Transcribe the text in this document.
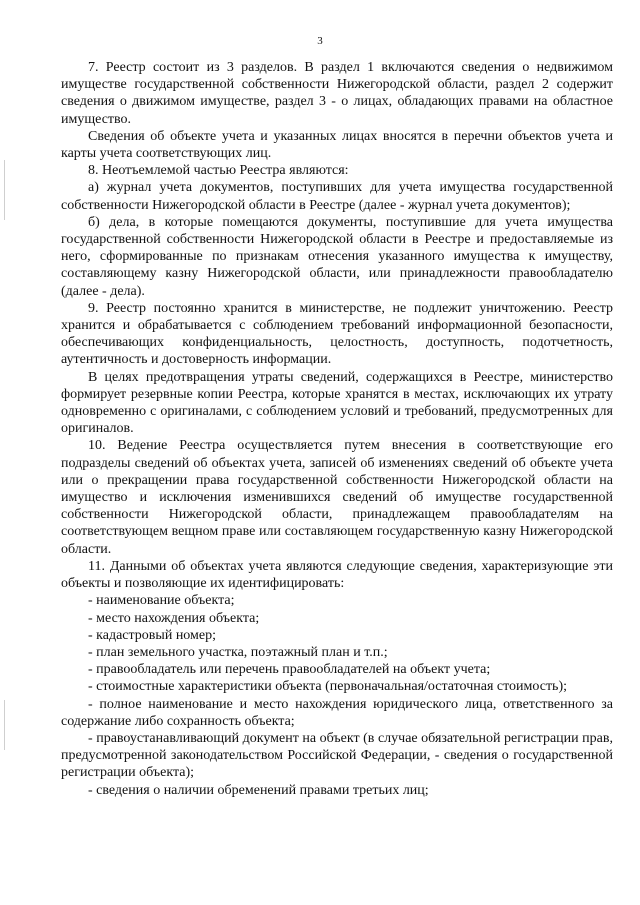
3

7. Реестр состоит из 3 разделов. В раздел 1 включаются сведения о недвижимом имуществе государственной собственности Нижегородской области, раздел 2 содержит сведения о движимом имуществе, раздел 3 - о лицах, обладающих правами на областное имущество.

Сведения об объекте учета и указанных лицах вносятся в перечни объектов учета и карты учета соответствующих лиц.

8. Неотъемлемой частью Реестра являются:

а) журнал учета документов, поступивших для учета имущества государственной собственности Нижегородской области в Реестре (далее - журнал учета документов);

б) дела, в которые помещаются документы, поступившие для учета имущества государственной собственности Нижегородской области в Реестре и предоставляемые из него, сформированные по признакам отнесения указанного имущества к имуществу, составляющему казну Нижегородской области, или принадлежности правообладателю (далее - дела).

9. Реестр постоянно хранится в министерстве, не подлежит уничтожению. Реестр хранится и обрабатывается с соблюдением требований информационной безопасности, обеспечивающих конфиденциальность, целостность, доступность, подотчетность, аутентичность и достоверность информации.

В целях предотвращения утраты сведений, содержащихся в Реестре, министерство формирует резервные копии Реестра, которые хранятся в местах, исключающих их утрату одновременно с оригиналами, с соблюдением условий и требований, предусмотренных для оригиналов.

10. Ведение Реестра осуществляется путем внесения в соответствующие его подразделы сведений об объектах учета, записей об изменениях сведений об объекте учета или о прекращении права государственной собственности Нижегородской области на имущество и исключения изменившихся сведений об имуществе государственной собственности Нижегородской области, принадлежащем правообладателям на соответствующем вещном праве или составляющем государственную казну Нижегородской области.

11. Данными об объектах учета являются следующие сведения, характеризующие эти объекты и позволяющие их идентифицировать:

- наименование объекта;

- место нахождения объекта;

- кадастровый номер;

- план земельного участка, поэтажный план и т.п.;

- правообладатель или перечень правообладателей на объект учета;

- стоимостные характеристики объекта (первоначальная/остаточная стоимость);

- полное наименование и место нахождения юридического лица, ответственного за содержание либо сохранность объекта;

- правоустанавливающий документ на объект (в случае обязательной регистрации прав, предусмотренной законодательством Российской Федерации, - сведения о государственной регистрации объекта);

- сведения о наличии обременений правами третьих лиц;
